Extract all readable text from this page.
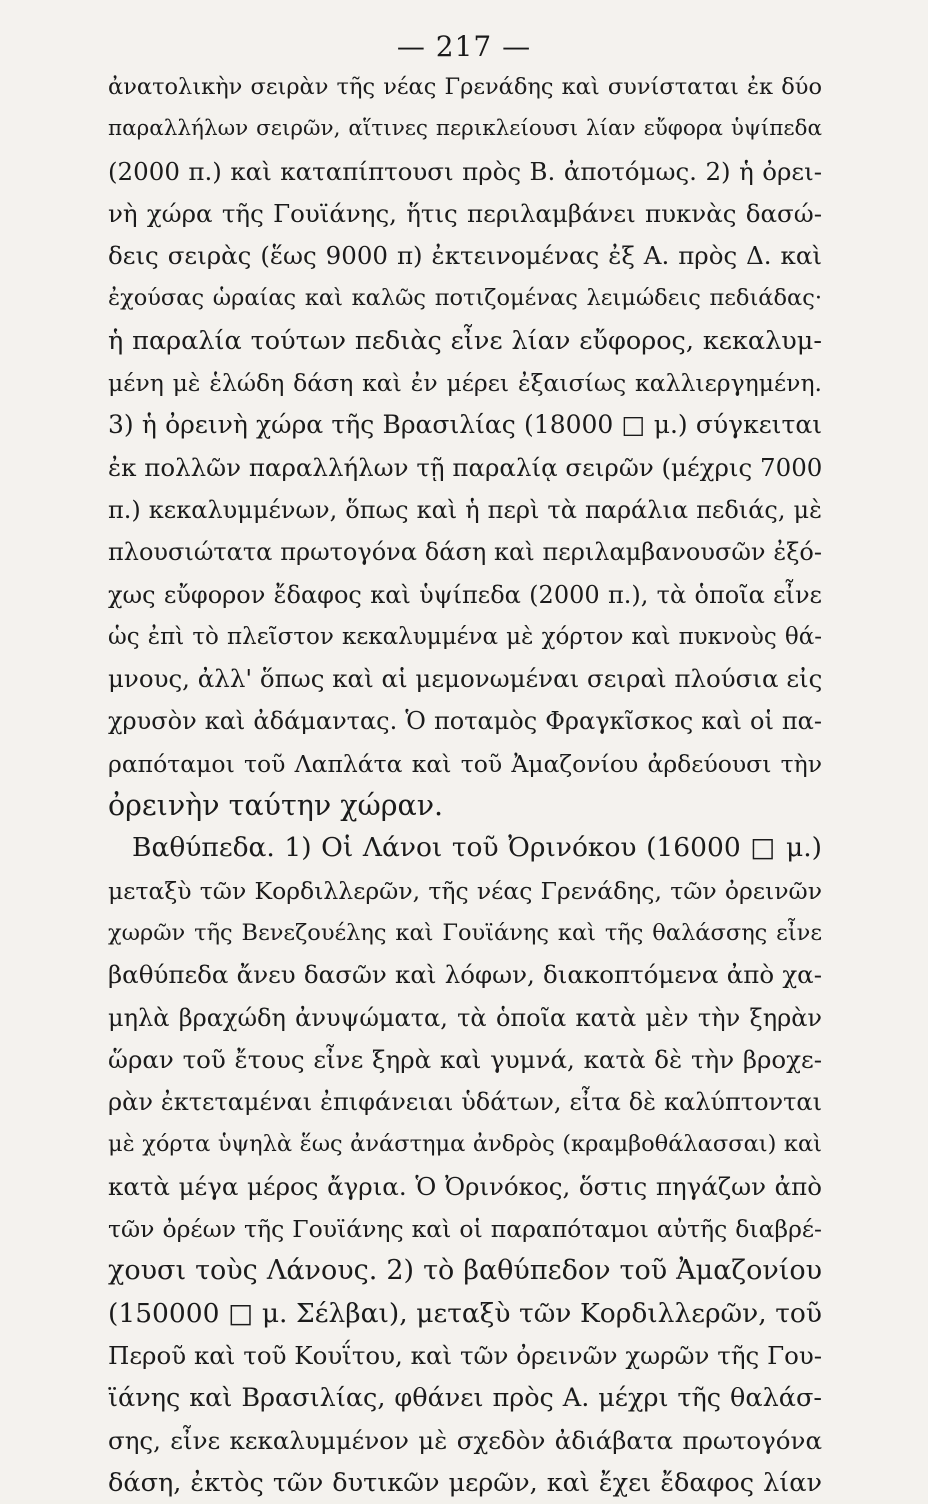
— 217 —
ἀνατολικὴν σειρὰν τῆς νέας Γρενάδης καὶ συνίσταται ἐκ δύο
παραλλήλων σειρῶν, αἵτινες περικλείουσι λίαν εὔφορα ὑψίπεδα
(2000 π.) καὶ καταπίπτουσι πρὸς Β. ἀποτόμως. 2) ἡ ὀρει-
νὴ χώρα τῆς Γουϊάνης, ἥτις περιλαμβάνει πυκνὰς δασώ-
δεις σειρὰς (ἕως 9000 π) ἐκτεινομένας ἐξ Α. πρὸς Δ. καὶ
ἐχούσας ὡραίας καὶ καλῶς ποτιζομένας λειμώδεις πεδιάδας·
ἡ παραλία τούτων πεδιὰς εἶνε λίαν εὔφορος, κεκαλυμ-
μένη μὲ ἑλώδη δάση καὶ ἐν μέρει ἐξαισίως καλλιεργημένη.
3) ἡ ὀρεινὴ χώρα τῆς Βρασιλίας (18000 □ μ.) σύγκειται
ἐκ πολλῶν παραλλήλων τῇ παραλίᾳ σειρῶν (μέχρις 7000
π.) κεκαλυμμένων, ὅπως καὶ ἡ περὶ τὰ παράλια πεδιάς, μὲ
πλουσιώτατα πρωτογόνα δάση καὶ περιλαμβανουσῶν ἐξό-
χως εὔφορον ἔδαφος καὶ ὑψίπεδα (2000 π.), τὰ ὁποῖα εἶνε
ὡς ἐπὶ τὸ πλεῖστον κεκαλυμμένα μὲ χόρτον καὶ πυκνοὺς θά-
μνους, ἀλλ' ὅπως καὶ αἱ μεμονωμέναι σειραὶ πλούσια εἰς
χρυσὸν καὶ ἀδάμαντας. Ὁ ποταμὸς Φραγκῖσκος καὶ οἱ πα-
ραπόταμοι τοῦ Λαπλάτα καὶ τοῦ Ἀμαζονίου ἀρδεύουσι τὴν
ὀρεινὴν ταύτην χώραν.
Βαθύπεδα. 1) Οἱ Λάνοι τοῦ Ὀρινόκου (16000 □ μ.)
μεταξὺ τῶν Κορδιλλερῶν, τῆς νέας Γρενάδης, τῶν ὀρεινῶν
χωρῶν τῆς Βενεζουέλης καὶ Γουϊάνης καὶ τῆς θαλάσσης εἶνε
βαθύπεδα ἄνευ δασῶν καὶ λόφων, διακοπτόμενα ἀπὸ χα-
μηλὰ βραχώδη ἀνυψώματα, τὰ ὁποῖα κατὰ μὲν τὴν ξηρὰν
ὥραν τοῦ ἔτους εἶνε ξηρὰ καὶ γυμνά, κατὰ δὲ τὴν βροχε-
ρὰν ἐκτεταμέναι ἐπιφάνειαι ὑδάτων, εἶτα δὲ καλύπτονται
μὲ χόρτα ὑψηλὰ ἕως ἀνάστημα ἀνδρὸς (κραμβοθάλασσαι) καὶ
κατὰ μέγα μέρος ἄγρια. Ὁ Ὀρινόκος, ὅστις πηγάζων ἀπὸ
τῶν ὀρέων τῆς Γουϊάνης καὶ οἱ παραπόταμοι αὐτῆς διαβρέ-
χουσι τοὺς Λάνους. 2) τὸ βαθύπεδον τοῦ Ἀμαζονίου
(150000 □ μ. Σέλβαι), μεταξὺ τῶν Κορδιλλερῶν, τοῦ
Περοῦ καὶ τοῦ Κουΐτου, καὶ τῶν ὀρεινῶν χωρῶν τῆς Γου-
ϊάνης καὶ Βρασιλίας, φθάνει πρὸς Α. μέχρι τῆς θαλάσ-
σης, εἶνε κεκαλυμμένον μὲ σχεδὸν ἀδιάβατα πρωτογόνα
δάση, ἐκτὸς τῶν δυτικῶν μερῶν, καὶ ἔχει ἔδαφος λίαν
